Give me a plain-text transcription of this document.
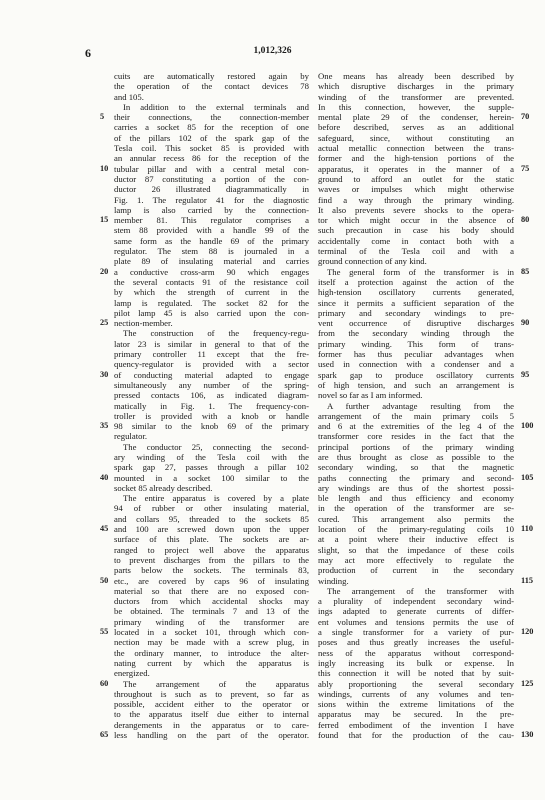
6	1,012,326
cuits are automatically restored again by
the operation of the contact devices 78
and 105.
In addition to the external terminals and
their connections, the connection-member
carries a socket 85 for the reception of one
of the pillars 102 of the spark gap of the
Tesla coil. This socket 85 is provided with
an annular recess 86 for the reception of the
tubular pillar and with a central metal con-
ductor 87 constituting a portion of the con-
ductor 26 illustrated diagrammatically in
Fig. 1. The regulator 41 for the diagnostic
lamp is also carried by the connection-
member 81. This regulator comprises a
stem 88 provided with a handle 99 of the
same form as the handle 69 of the primary
regulator. The stem 88 is journaled in a
plate 89 of insulating material and carries
a conductive cross-arm 90 which engages
the several contacts 91 of the resistance coil
by which the strength of current in the
lamp is regulated. The socket 82 for the
pilot lamp 45 is also carried upon the con-
nection-member.
The construction of the frequency-regu-
lator 23 is similar in general to that of the
primary controller 11 except that the fre-
quency-regulator is provided with a sector
of conducting material adapted to engage
simultaneously any number of the spring-
pressed contacts 106, as indicated diagram-
matically in Fig. 1. The frequency-con-
troller is provided with a knob or handle
98 similar to the knob 69 of the primary
regulator.
The conductor 25, connecting the second-
ary winding of the Tesla coil with the
spark gap 27, passes through a pillar 102
mounted in a socket 100 similar to the
socket 85 already described.
The entire apparatus is covered by a plate
94 of rubber or other insulating material,
and collars 95, threaded to the sockets 85
and 100 are screwed down upon the upper
surface of this plate. The sockets are ar-
ranged to project well above the apparatus
to prevent discharges from the pillars to the
parts below the sockets. The terminals 83,
etc., are covered by caps 96 of insulating
material so that there are no exposed con-
ductors from which accidental shocks may
be obtained. The terminals 7 and 13 of the
primary winding of the transformer are
located in a socket 101, through which con-
nection may be made with a screw plug, in
the ordinary manner, to introduce the alter-
nating current by which the apparatus is
energized.
The arrangement of the apparatus
throughout is such as to prevent, so far as
possible, accident either to the operator or
to the apparatus itself due either to internal
derangements in the apparatus or to care-
less handling on the part of the operator.
One means has already been described by
which disruptive discharges in the primary
winding of the transformer are prevented.
In this connection, however, the supple-
mental plate 29 of the condenser, herein-
before described, serves as an additional
safeguard, since, without constituting an
actual metallic connection between the trans-
former and the high-tension portions of the
apparatus, it operates in the manner of a
ground to afford an outlet for the static
waves or impulses which might otherwise
find a way through the primary winding.
It also prevents severe shocks to the opera-
tor which might occur in the absence of
such precaution in case his body should
accidentally come in contact both with a
terminal of the Tesla coil and with a
ground connection of any kind.
The general form of the transformer is in
itself a protection against the action of the
high-tension oscillatory currents generated,
since it permits a sufficient separation of the
primary and secondary windings to pre-
vent occurrence of disruptive discharges
from the secondary winding through the
primary winding. This form of trans-
former has thus peculiar advantages when
used in connection with a condenser and a
spark gap to produce oscillatory currents
of high tension, and such an arrangement is
novel so far as I am informed.
A further advantage resulting from the
arrangement of the main primary coils 5
and 6 at the extremities of the leg 4 of the
transformer core resides in the fact that the
principal portions of the primary winding
are thus brought as close as possible to the
secondary winding, so that the magnetic
paths connecting the primary and second-
ary windings are thus of the shortest possi-
ble length and thus efficiency and economy
in the operation of the transformer are se-
cured. This arrangement also permits the
location of the primary-regulating coils 10
at a point where their inductive effect is
slight, so that the impedance of these coils
may act more effectively to regulate the
production of current in the secondary
winding.
The arrangement of the transformer with
a plurality of independent secondary wind-
ings adapted to generate currents of differ-
ent volumes and tensions permits the use of
a single transformer for a variety of pur-
poses and thus greatly increases the useful-
ness of the apparatus without correspond-
ingly increasing its bulk or expense. In
this connection it will be noted that by suit-
ably proportioning the several secondary
windings, currents of any volumes and ten-
sions within the extreme limitations of the
apparatus may be secured. In the pre-
ferred embodiment of the invention I have
found that for the production of the cau-
5
10
15
20
25
30
35
40
45
50
55
60
65
70
75
80
85
90
95
100
105
110
115
120
125
130
